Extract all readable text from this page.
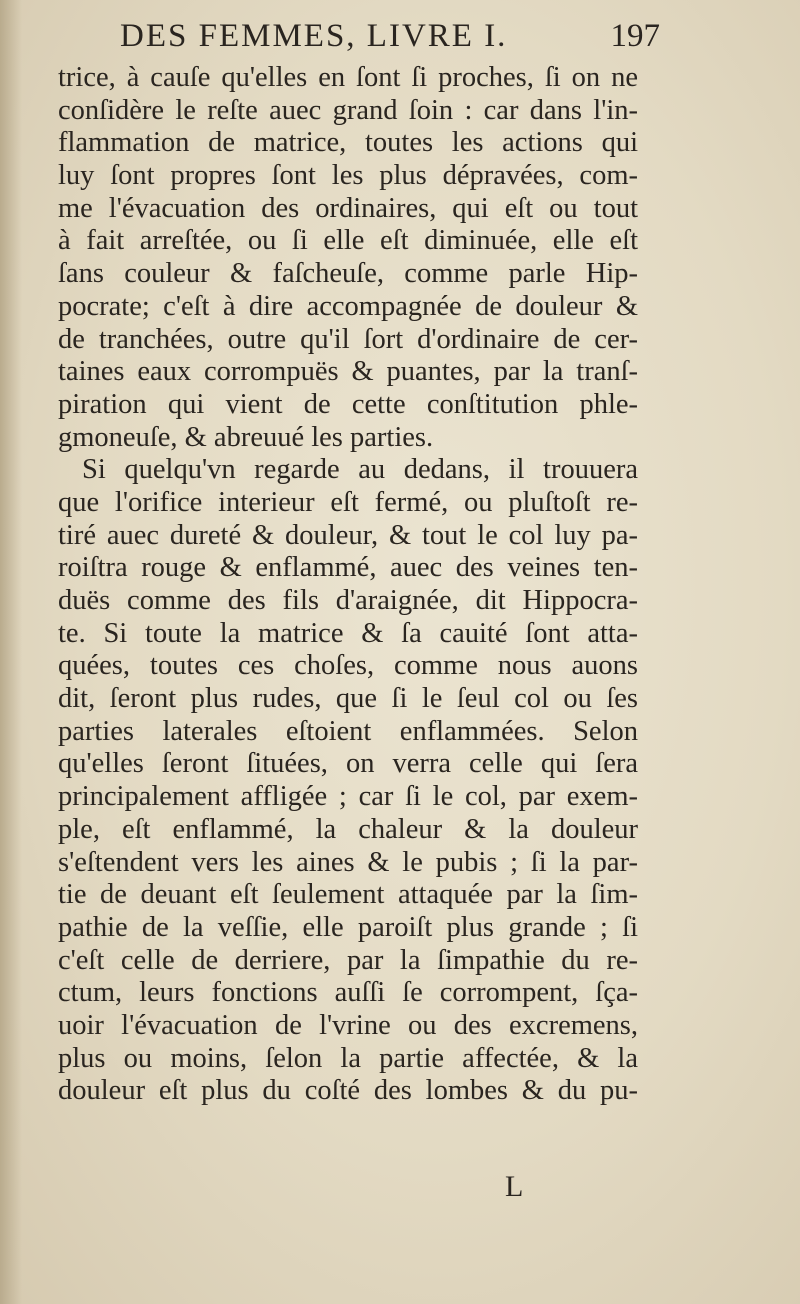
DES FEMMES, LIVRE I.	197
trice, à cauſe qu'elles en ſont ſi proches, ſi on ne
conſidère le reſte auec grand ſoin : car dans l'in-
flammation de matrice, toutes les actions qui
luy ſont propres ſont les plus dépravées, com-
me l'évacuation des ordinaires, qui eſt ou tout
à fait arreſtée, ou ſi elle eſt diminuée, elle eſt
ſans couleur & faſcheuſe, comme parle Hip-
pocrate; c'eſt à dire accompagnée de douleur &
de tranchées, outre qu'il ſort d'ordinaire de cer-
taines eaux corrompuës & puantes, par la tranſ-
piration qui vient de cette conſtitution phle-
gmoneuſe, & abreuué les parties.
Si quelqu'vn regarde au dedans, il trouuera
que l'orifice interieur eſt fermé, ou pluſtoſt re-
tiré auec dureté & douleur, & tout le col luy pa-
roiſtra rouge & enflammé, auec des veines ten-
duës comme des fils d'araignée, dit Hippocra-
te. Si toute la matrice & ſa cauité ſont atta-
quées, toutes ces choſes, comme nous auons
dit, ſeront plus rudes, que ſi le ſeul col ou ſes
parties laterales eſtoient enflammées. Selon
qu'elles ſeront ſituées, on verra celle qui ſera
principalement affligée ; car ſi le col, par exem-
ple, eſt enflammé, la chaleur & la douleur
s'eſtendent vers les aines & le pubis ; ſi la par-
tie de deuant eſt ſeulement attaquée par la ſim-
pathie de la veſſie, elle paroiſt plus grande ; ſi
c'eſt celle de derriere, par la ſimpathie du re-
ctum, leurs fonctions auſſi ſe corrompent, ſça-
uoir l'évacuation de l'vrine ou des excremens,
plus ou moins, ſelon la partie affectée, & la
douleur eſt plus du coſté des lombes & du pu-
L
